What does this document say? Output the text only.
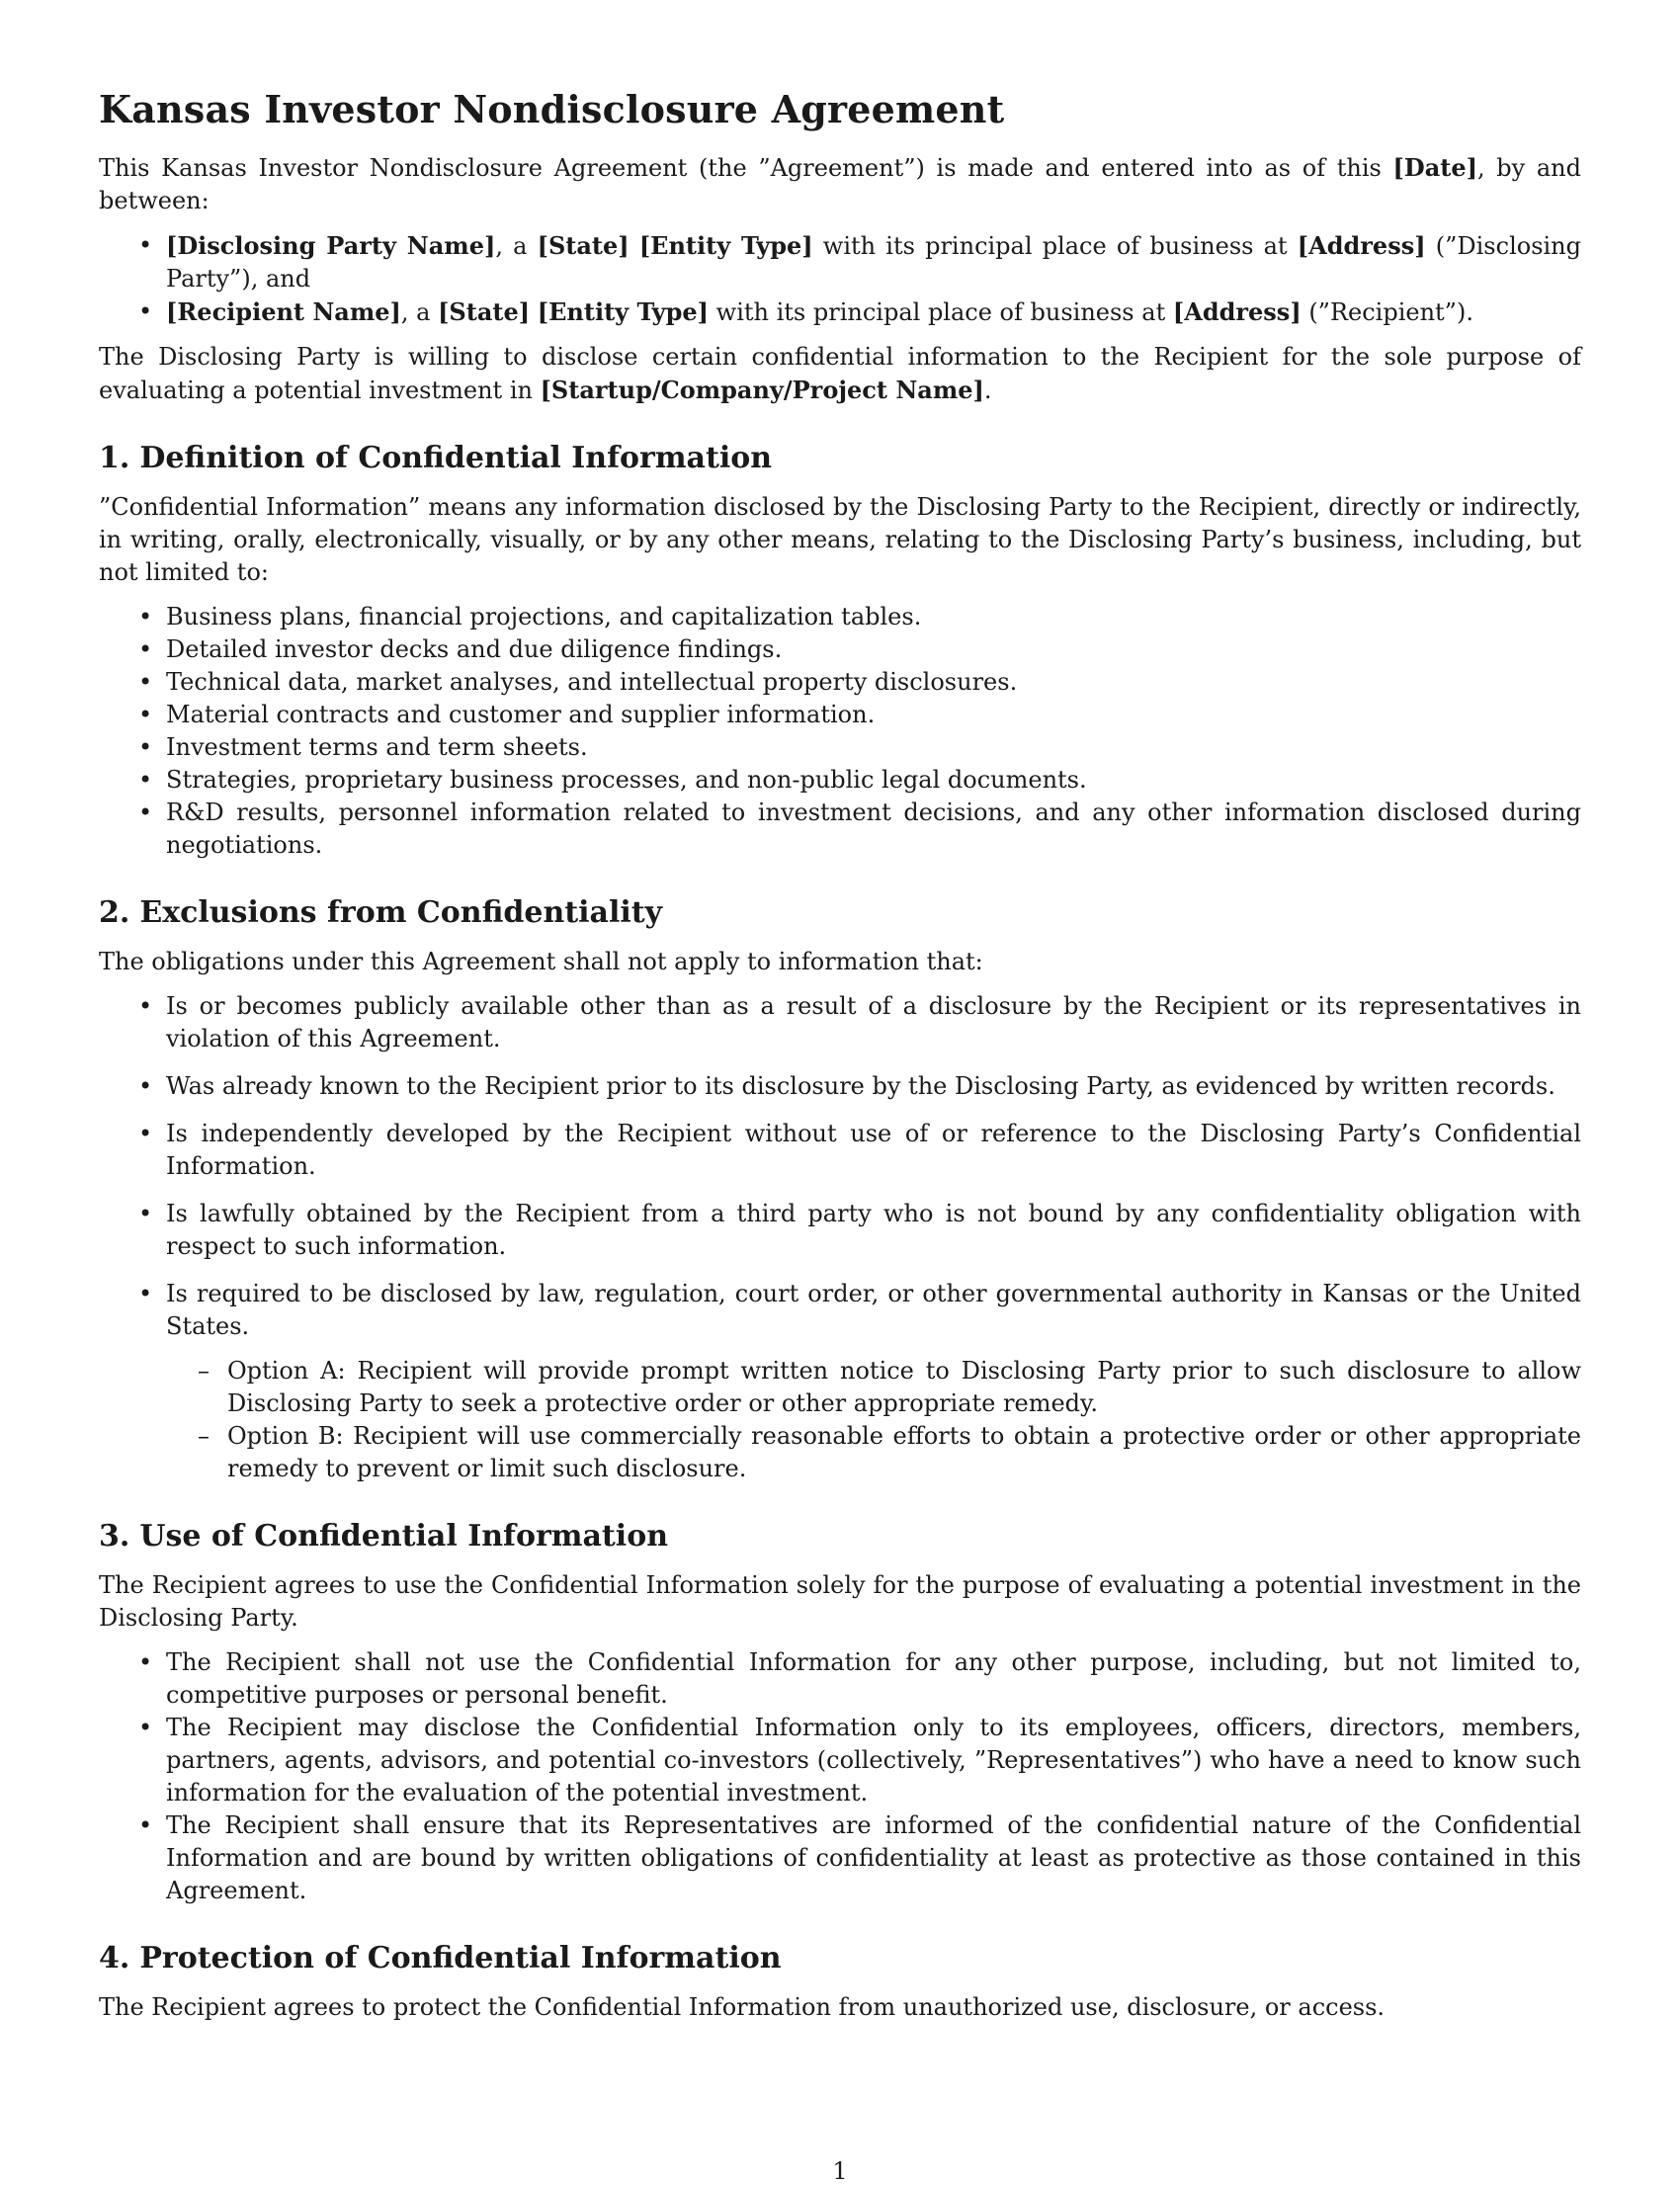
Kansas Investor Nondisclosure Agreement

This Kansas Investor Nondisclosure Agreement (the ”Agreement”) is made and entered into as of this [Date], by and between:

• [Disclosing Party Name], a [State] [Entity Type] with its principal place of business at [Address] (”Disclosing Party”), and
• [Recipient Name], a [State] [Entity Type] with its principal place of business at [Address] (”Recipient”).

The Disclosing Party is willing to disclose certain confidential information to the Recipient for the sole purpose of evaluating a potential investment in [Startup/Company/Project Name].

1. Definition of Confidential Information

”Confidential Information” means any information disclosed by the Disclosing Party to the Recipient, directly or indirectly, in writing, orally, electronically, visually, or by any other means, relating to the Disclosing Party’s business, including, but not limited to:

• Business plans, financial projections, and capitalization tables.
• Detailed investor decks and due diligence findings.
• Technical data, market analyses, and intellectual property disclosures.
• Material contracts and customer and supplier information.
• Investment terms and term sheets.
• Strategies, proprietary business processes, and non-public legal documents.
• R&D results, personnel information related to investment decisions, and any other information disclosed during negotiations.
2. Exclusions from Confidentiality

The obligations under this Agreement shall not apply to information that:

• Is or becomes publicly available other than as a result of a disclosure by the Recipient or its representatives in violation of this Agreement.
• Was already known to the Recipient prior to its disclosure by the Disclosing Party, as evidenced by written records.
• Is independently developed by the Recipient without use of or reference to the Disclosing Party’s Confidential Information.
• Is lawfully obtained by the Recipient from a third party who is not bound by any confidentiality obligation with respect to such information.
• Is required to be disclosed by law, regulation, court order, or other governmental authority in Kansas or the United States.
– Option A: Recipient will provide prompt written notice to Disclosing Party prior to such disclosure to allow Disclosing Party to seek a protective order or other appropriate remedy.
– Option B: Recipient will use commercially reasonable efforts to obtain a protective order or other appropriate remedy to prevent or limit such disclosure.
3. Use of Confidential Information

The Recipient agrees to use the Confidential Information solely for the purpose of evaluating a potential investment in the Disclosing Party.

• The Recipient shall not use the Confidential Information for any other purpose, including, but not limited to, competitive purposes or personal benefit.
• The Recipient may disclose the Confidential Information only to its employees, officers, directors, members, partners, agents, advisors, and potential co-investors (collectively, ”Representatives”) who have a need to know such information for the evaluation of the potential investment.
• The Recipient shall ensure that its Representatives are informed of the confidential nature of the Confidential Information and are bound by written obligations of confidentiality at least as protective as those contained in this Agreement.
4. Protection of Confidential Information

The Recipient agrees to protect the Confidential Information from unauthorized use, disclosure, or access.

1
